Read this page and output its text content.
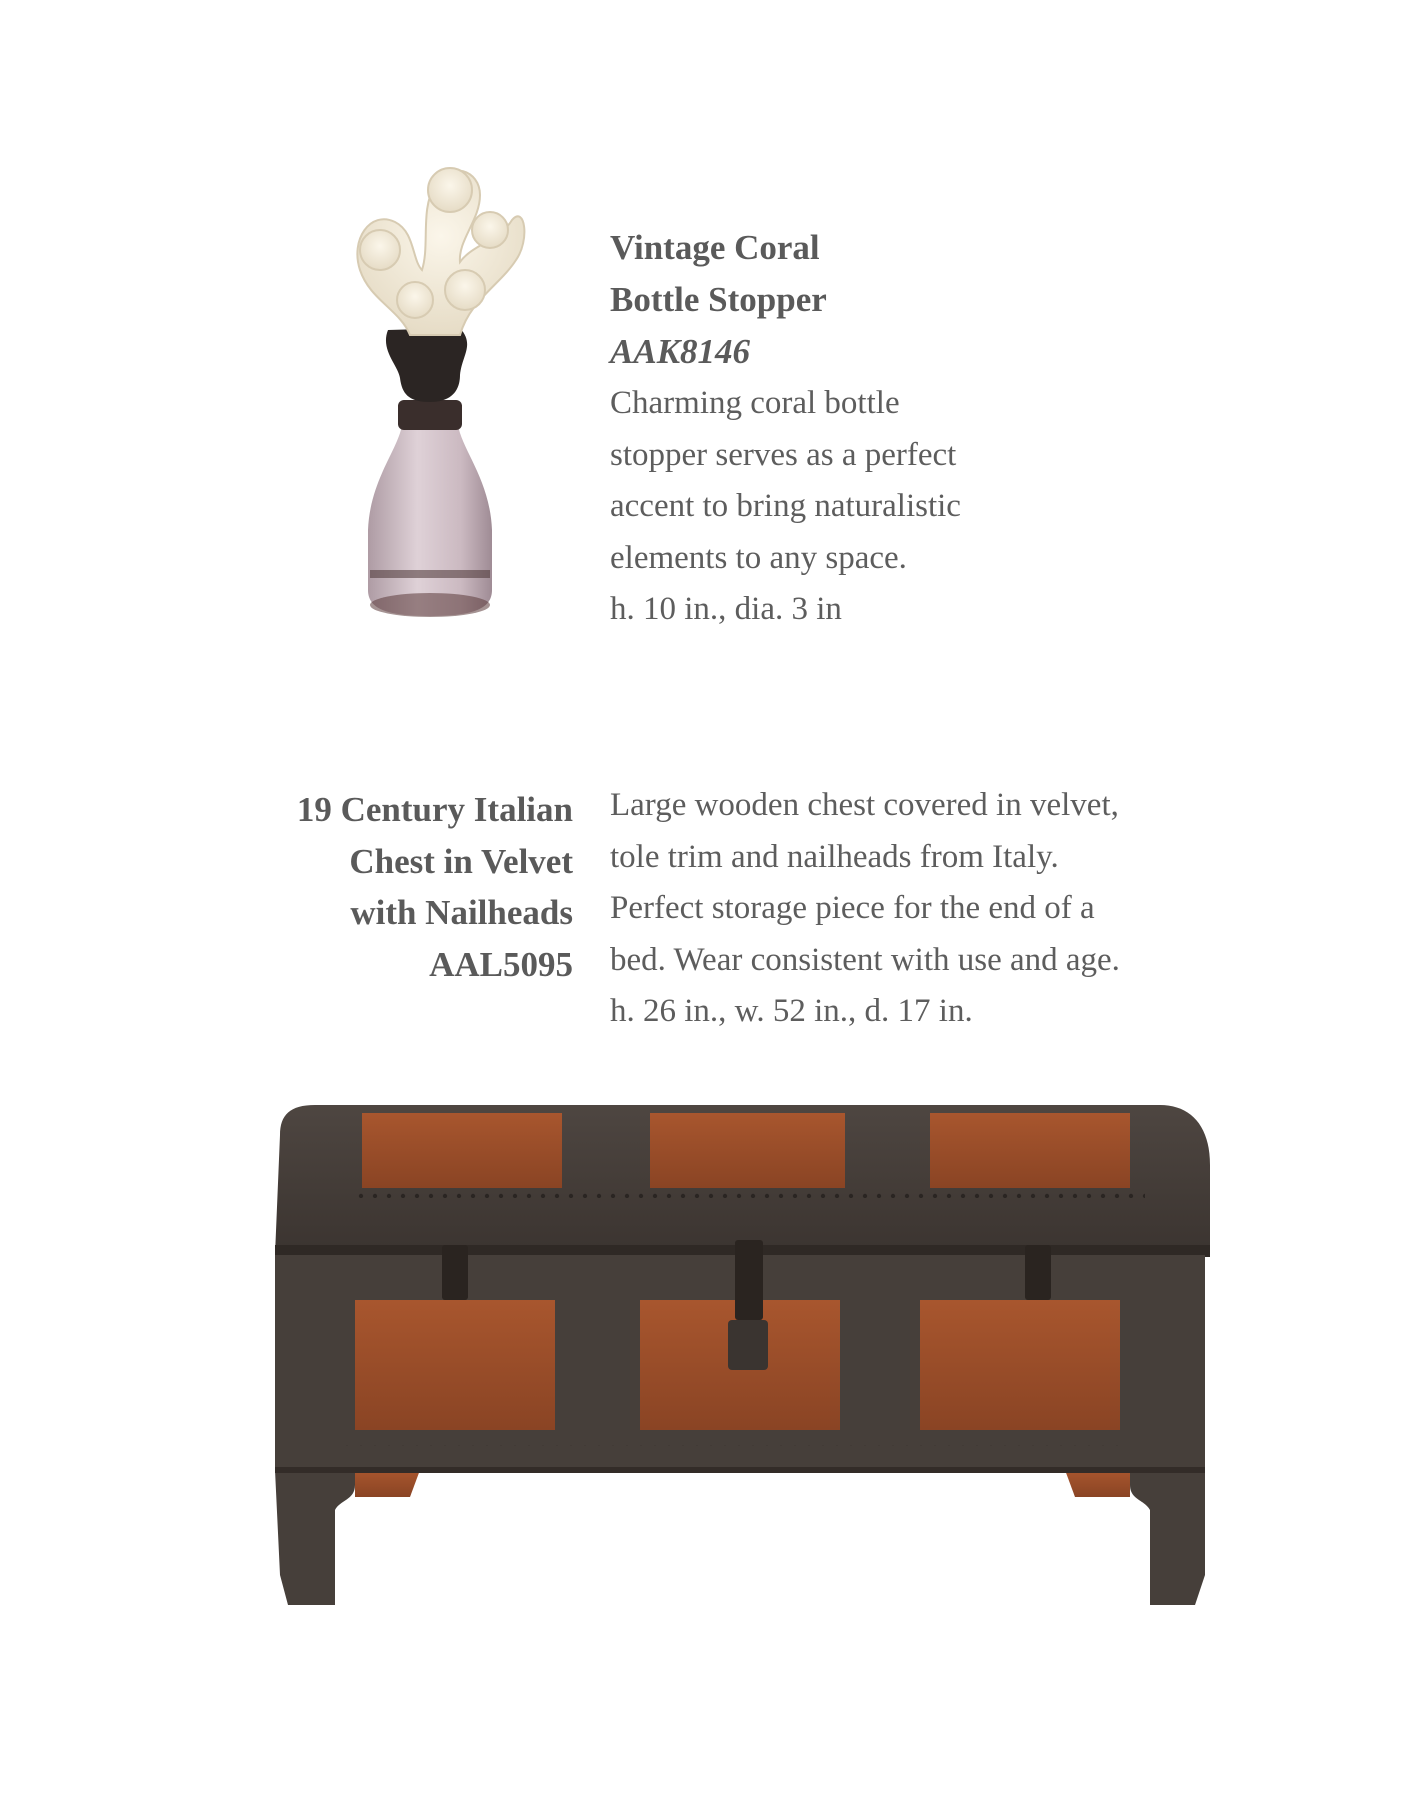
Vintage Coral

Bottle Stopper

AAK8146

Charming coral bottle

stopper serves as a perfect

accent to bring naturalistic

elements to any space.

h. 10 in., dia. 3 in

19 Century Italian

Chest in Velvet

with Nailheads

AAL5095

Large wooden chest covered in velvet,

tole trim and nailheads from Italy.

Perfect storage piece for the end of a

bed. Wear consistent with use and age.

h. 26 in., w. 52 in., d. 17 in.
